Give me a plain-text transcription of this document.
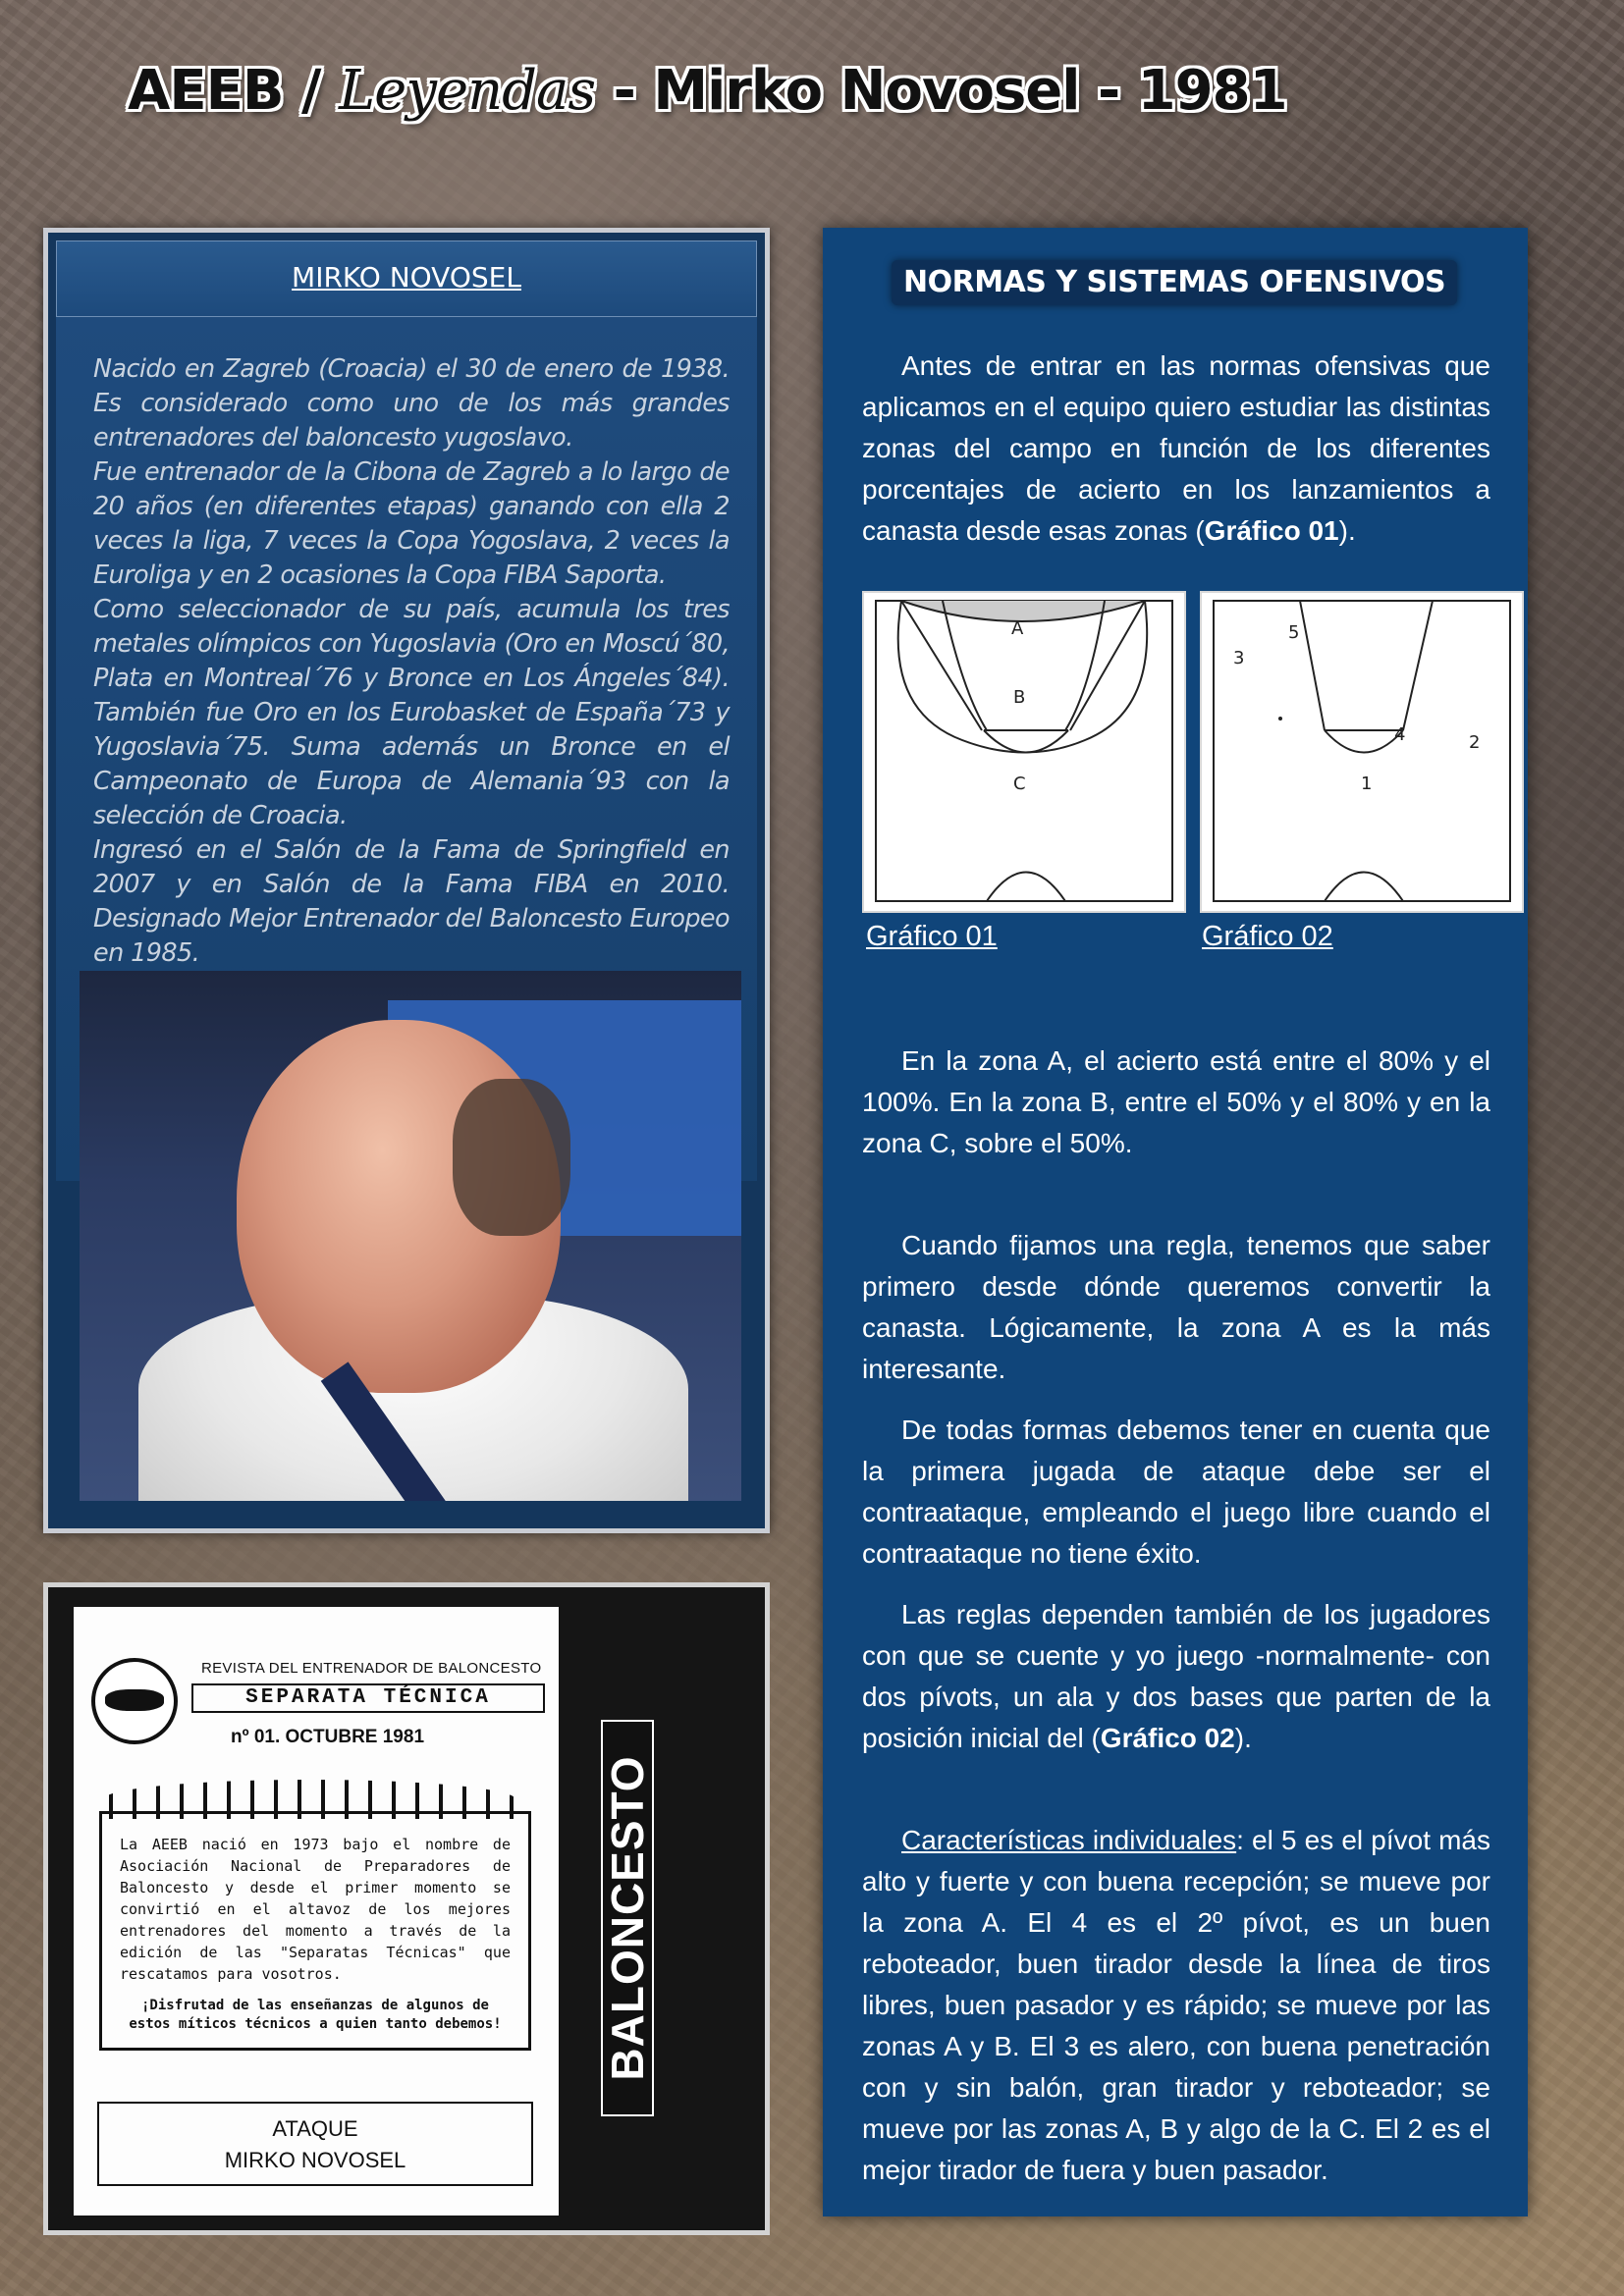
AEEB / Leyendas - Mirko Novosel - 1981
MIRKO NOVOSEL

Nacido en Zagreb (Croacia) el 30 de enero de 1938. Es considerado como uno de los más grandes entrenadores del baloncesto yugoslavo.

Fue entrenador de la Cibona de Zagreb a lo largo de 20 años (en diferentes etapas) ganando con ella 2 veces la liga, 7 veces la Copa Yogoslava, 2 veces la Euroliga y en 2 ocasiones la Copa FIBA Saporta.

Como seleccionador de su país, acumula los tres metales olímpicos con Yugoslavia (Oro en Moscú´80, Plata en Montreal´76 y Bronce en Los Ángeles´84). También fue Oro en los Eurobasket de España´73 y Yugoslavia´75. Suma además un Bronce en el Campeonato de Europa de Alemania´93 con la selección de Croacia.

Ingresó en el Salón de la Fama de Springfield en 2007 y en Salón de la Fama FIBA en 2010. Designado Mejor Entrenador del Baloncesto Europeo en 1985.

REVISTA DEL ENTRENADOR DE BALONCESTO
SEPARATA TÉCNICA
nº 01. OCTUBRE 1981

La AEEB nació en 1973 bajo el nombre de Asociación Nacional de Preparadores de Baloncesto y desde el primer momento se convirtió en el altavoz de los mejores entrenadores del momento a través de la edición de las "Separatas Técnicas" que rescatamos para vosotros.

¡Disfrutad de las enseñanzas de algunos de estos míticos técnicos a quien tanto debemos!

ATAQUE
MIRKO NOVOSEL
BALONCESTO
NORMAS Y SISTEMAS OFENSIVOS

Antes de entrar en las normas ofensivas que aplicamos en el equipo quiero estudiar las distintas zonas del campo en función de los diferentes porcentajes de acierto en los lanzamientos a canasta desde esas zonas (Gráfico 01).

A
B
C
5
3
4	2
1
Gráfico 01	Gráfico 02

En la zona A, el acierto está entre el 80% y el 100%. En la zona B, entre el 50% y el 80% y en la zona C, sobre el 50%.

Cuando fijamos una regla, tenemos que saber primero desde dónde queremos convertir la canasta. Lógicamente, la zona A es la más interesante.

De todas formas debemos tener en cuenta que la primera jugada de ataque debe ser el contraataque, empleando el juego libre cuando el contraataque no tiene éxito.

Las reglas dependen también de los jugadores con que se cuente y yo juego -normalmente- con dos pívots, un ala y dos bases que parten de la posición inicial del (Gráfico 02).

Características individuales: el 5 es el pívot más alto y fuerte y con buena recepción; se mueve por la zona A. El 4 es el 2º pívot, es un buen reboteador, buen tirador desde la línea de tiros libres, buen pasador y es rápido; se mueve por las zonas A y B. El 3 es alero, con buena penetración con y sin balón, gran tirador y reboteador; se mueve por las zonas A, B y algo de la C. El 2 es el mejor tirador de fuera y buen pasador.
